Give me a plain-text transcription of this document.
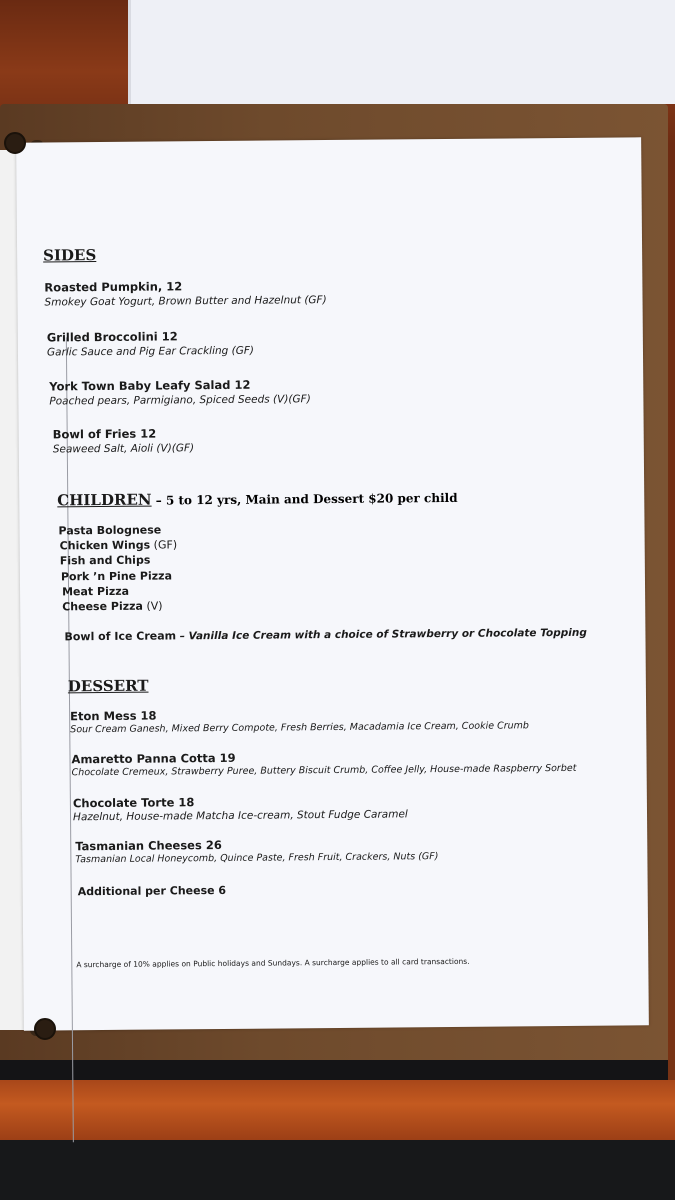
SIDES
Roasted Pumpkin, 12
Smokey Goat Yogurt, Brown Butter and Hazelnut (GF)
Grilled Broccolini 12
Garlic Sauce and Pig Ear Crackling (GF)
York Town Baby Leafy Salad 12
Poached pears, Parmigiano, Spiced Seeds (V)(GF)
Bowl of Fries 12
Seaweed Salt, Aioli (V)(GF)
CHILDREN – 5 to 12 yrs, Main and Dessert $20 per child
Pasta Bolognese
Chicken Wings (GF)
Fish and Chips
Pork ’n Pine Pizza
Meat Pizza
Cheese Pizza (V)
Bowl of Ice Cream – Vanilla Ice Cream with a choice of Strawberry or Chocolate Topping
DESSERT
Eton Mess 18
Sour Cream Ganesh, Mixed Berry Compote, Fresh Berries, Macadamia Ice Cream, Cookie Crumb
Amaretto Panna Cotta 19
Chocolate Cremeux, Strawberry Puree, Buttery Biscuit Crumb, Coffee Jelly, House-made Raspberry Sorbet
Chocolate Torte 18
Hazelnut, House-made Matcha Ice-cream, Stout Fudge Caramel
Tasmanian Cheeses 26
Tasmanian Local Honeycomb, Quince Paste, Fresh Fruit, Crackers, Nuts (GF)
Additional per Cheese 6
A surcharge of 10% applies on Public holidays and Sundays. A surcharge applies to all card transactions.
